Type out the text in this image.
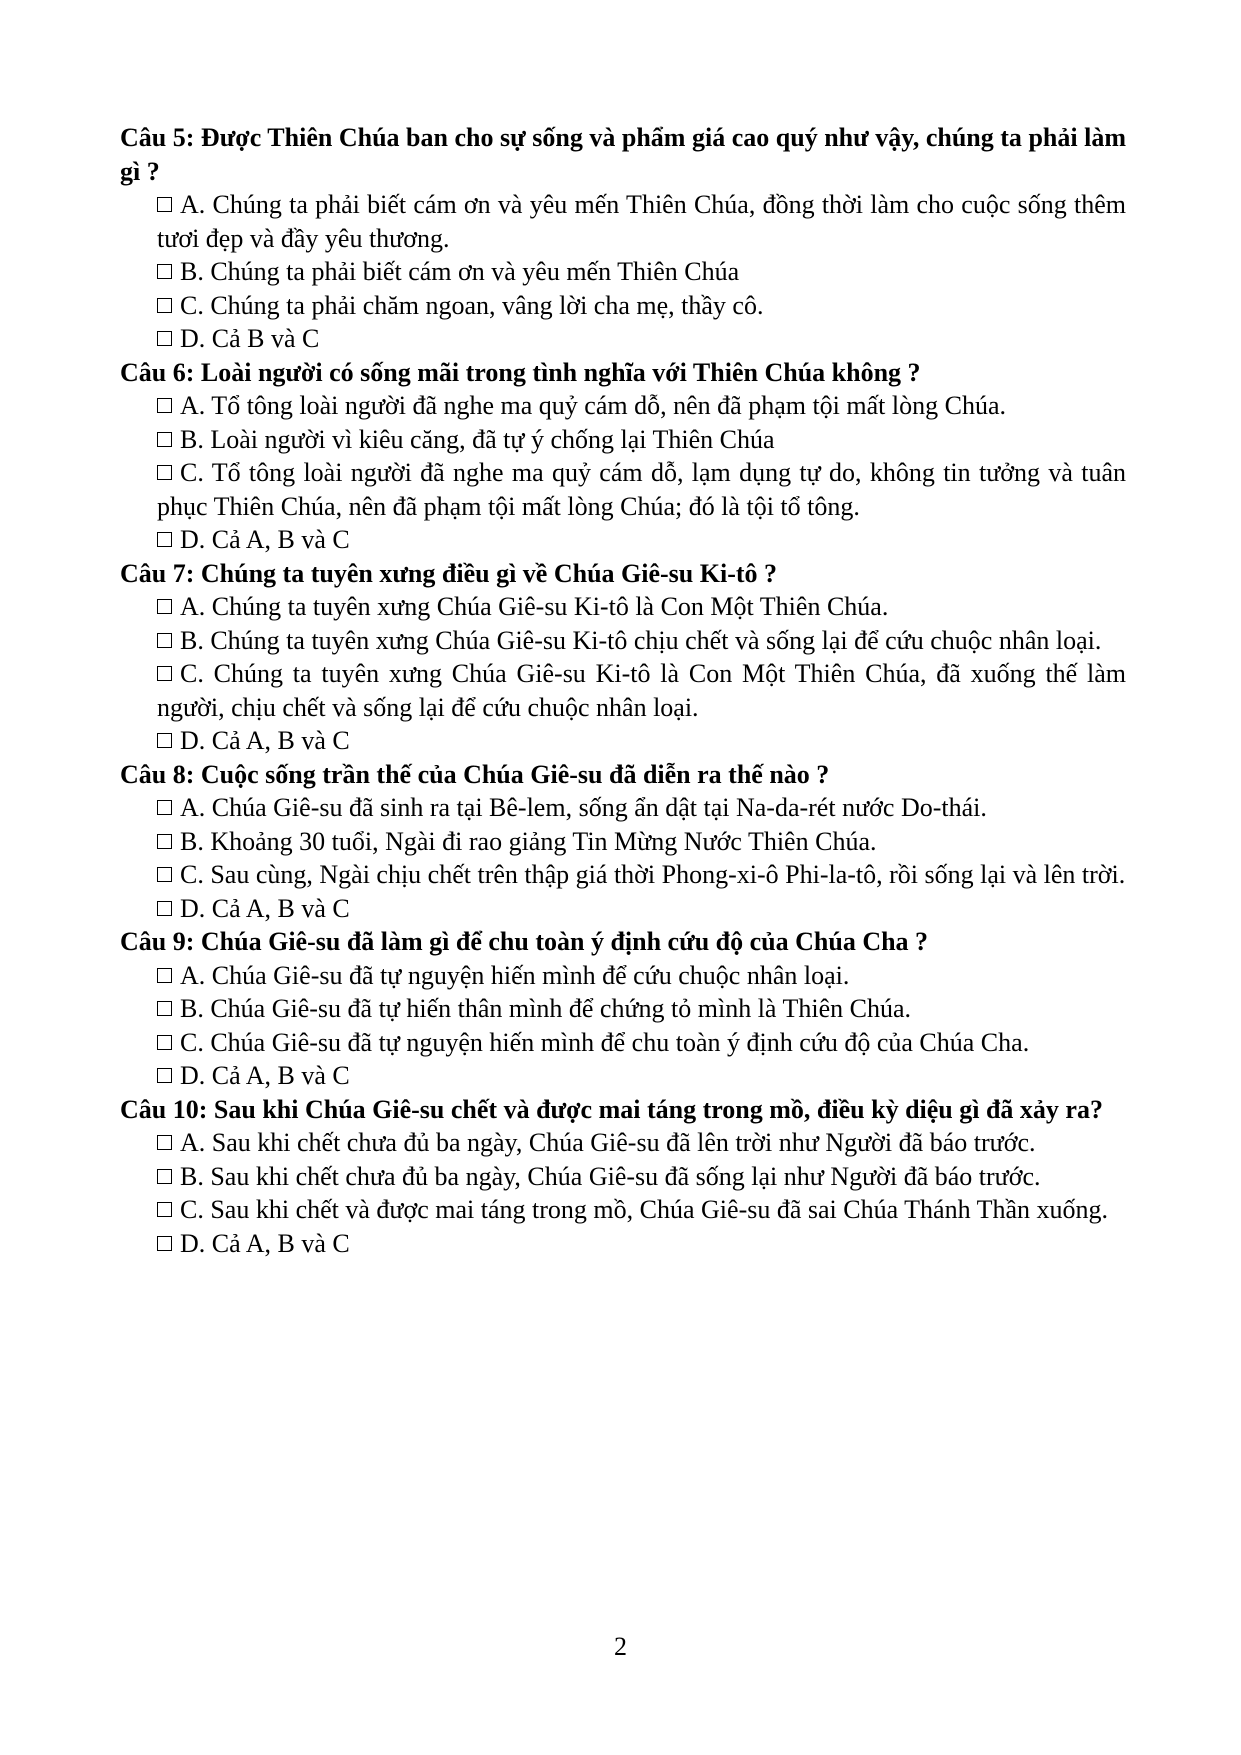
Câu 5: Được Thiên Chúa ban cho sự sống và phẩm giá cao quý như vậy, chúng ta phải làm gì ?
A. Chúng ta phải biết cám ơn và yêu mến Thiên Chúa, đồng thời làm cho cuộc sống thêm tươi đẹp và đầy yêu thương.
B. Chúng ta phải biết cám ơn và yêu mến Thiên Chúa
C. Chúng ta phải chăm ngoan, vâng lời cha mẹ, thầy cô.
D. Cả B và C
Câu 6: Loài người có sống mãi trong tình nghĩa với Thiên Chúa không ?
A. Tổ tông loài người đã nghe ma quỷ cám dỗ, nên đã phạm tội mất lòng Chúa.
B. Loài người vì kiêu căng, đã tự ý chống lại Thiên Chúa
C. Tổ tông loài người đã nghe ma quỷ cám dỗ, lạm dụng tự do, không tin tưởng và tuân phục Thiên Chúa, nên đã phạm tội mất lòng Chúa; đó là tội tổ tông.
D. Cả A, B và C
Câu 7: Chúng ta tuyên xưng điều gì về Chúa Giê-su Ki-tô ?
A. Chúng ta tuyên xưng Chúa Giê-su Ki-tô là Con Một Thiên Chúa.
B. Chúng ta tuyên xưng Chúa Giê-su Ki-tô chịu chết và sống lại để cứu chuộc nhân loại.
C. Chúng ta tuyên xưng Chúa Giê-su Ki-tô là Con Một Thiên Chúa, đã xuống thế làm người, chịu chết và sống lại để cứu chuộc nhân loại.
D. Cả A, B và C
Câu 8: Cuộc sống trần thế của Chúa Giê-su đã diễn ra thế nào ?
A. Chúa Giê-su đã sinh ra tại Bê-lem, sống ẩn dật tại Na-da-rét nước Do-thái.
B. Khoảng 30 tuổi, Ngài đi rao giảng Tin Mừng Nước Thiên Chúa.
C. Sau cùng, Ngài chịu chết trên thập giá thời Phong-xi-ô Phi-la-tô, rồi sống lại và lên trời.
D. Cả A, B và C
Câu 9: Chúa Giê-su đã làm gì để chu toàn ý định cứu độ của Chúa Cha ?
A. Chúa Giê-su đã tự nguyện hiến mình để cứu chuộc nhân loại.
B. Chúa Giê-su đã tự hiến thân mình để chứng tỏ mình là Thiên Chúa.
C. Chúa Giê-su đã tự nguyện hiến mình để chu toàn ý định cứu độ của Chúa Cha.
D. Cả A, B và C
Câu 10: Sau khi Chúa Giê-su chết và được mai táng trong mồ, điều kỳ diệu gì đã xảy ra?
A. Sau khi chết chưa đủ ba ngày, Chúa Giê-su đã lên trời như Người đã báo trước.
B. Sau khi chết chưa đủ ba ngày, Chúa Giê-su đã sống lại như Người đã báo trước.
C. Sau khi chết và được mai táng trong mồ, Chúa Giê-su đã sai Chúa Thánh Thần xuống.
D. Cả A, B và C
2
